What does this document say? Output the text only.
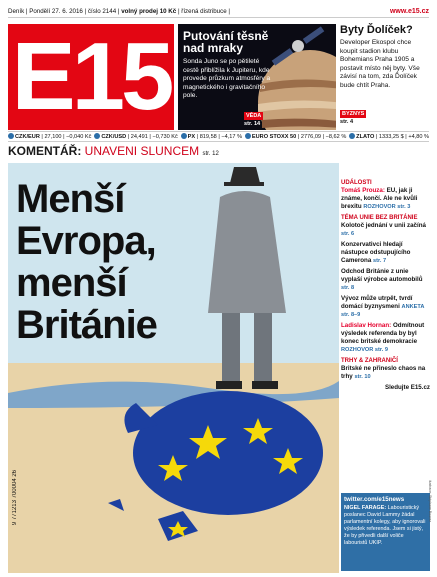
Deník | Pondělí 27. 6. 2016 | číslo 2144 | volný prodej 10 Kč | řízená distribuce |	www.e15.cz
E15 Putování těsně nad mraky
Sonda Juno se po pětileté cestě přiblížila k Jupiteru, kde provede průzkum atmosféry a magnetického i gravitačního pole.
VĚDA
str. 14
Byty Ďolíček?
Developer Ekospol chce koupit stadion klubu Bohemians Praha 1905 a postavit místo něj byty. Vše závisí na tom, zda Ďolíček bude chtít Praha.
BYZNYS
str. 4
CZK/EUR | 27,100 | −0,040 Kč	CZK/USD | 24,491 | −0,730 Kč	PX | 819,58 | −4,17 %	EURO STOXX 50 | 2776,09 | −8,62 %	ZLATO | 1333,25 $ | +4,80 %
KOMENTÁŘ: UNAVENI SLUNCEM str. 12
Menší
Evropa,
menší
Británie
9 771213 700004 26
UDÁLOSTI
Tomáš Prouza: EU, jak ji známe, končí. Ale ne kvůli brexitu ROZHOVOR str. 3
TÉMA UNIE BEZ BRITÁNIE
Kolotoč jednání v unii začíná str. 6
Konzervativci hledají nástupce odstupujícího Camerona str. 7
Odchod Británie z unie vyplaší výrobce automobilů str. 8
Vývoz může utrpět, tvrdí domácí byznysmeni ANKETA str. 8–9
Ladislav Hornan: Odmítnout výsledek referenda by byl konec britské demokracie ROZHOVOR str. 9
TRHY & ZAHRANIČÍ
Britské ne přineslo chaos na trhy str. 10
Sledujte E15.cz
twitter.com/e15news
NIGEL FARAGE: Labouristický poslanec David Lammy žádal parlamentní kolegy, aby ignorovali výsledek referenda. Jsem si jistý, že by přivedli další voliče labouristů UKIP.
ilustrace: Stéphane Bourez
